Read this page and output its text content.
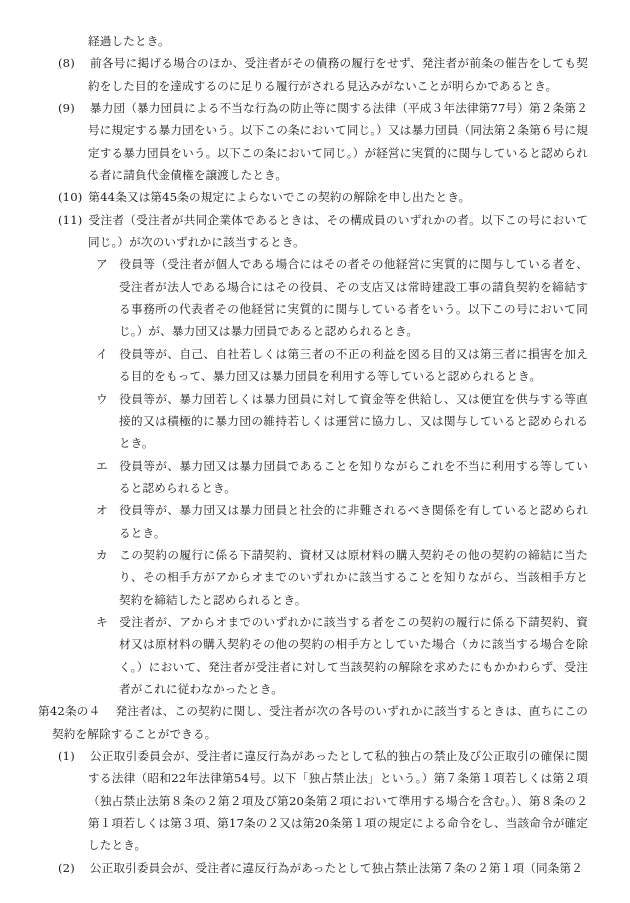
経過したとき。

(8) 前各号に掲げる場合のほか、受注者がその債務の履行をせず、発注者が前条の催告をしても契約をした目的を達成するのに足りる履行がされる見込みがないことが明らかであるとき。

(9) 暴力団（暴力団員による不当な行為の防止等に関する法律（平成３年法律第77号）第２条第２号に規定する暴力団をいう。以下この条において同じ。）又は暴力団員（同法第２条第６号に規定する暴力団員をいう。以下この条において同じ。）が経営に実質的に関与していると認められる者に請負代金債権を譲渡したとき。

(10) 第44条又は第45条の規定によらないでこの契約の解除を申し出たとき。

(11) 受注者（受注者が共同企業体であるときは、その構成員のいずれかの者。以下この号において同じ。）が次のいずれかに該当するとき。

ア 役員等（受注者が個人である場合にはその者その他経営に実質的に関与している者を、受注者が法人である場合にはその役員、その支店又は常時建設工事の請負契約を締結する事務所の代表者その他経営に実質的に関与している者をいう。以下この号において同じ。）が、暴力団又は暴力団員であると認められるとき。

イ 役員等が、自己、自社若しくは第三者の不正の利益を図る目的又は第三者に損害を加える目的をもって、暴力団又は暴力団員を利用する等していると認められるとき。

ウ 役員等が、暴力団若しくは暴力団員に対して資金等を供給し、又は便宜を供与する等直接的又は積極的に暴力団の維持若しくは運営に協力し、又は関与していると認められるとき。

エ 役員等が、暴力団又は暴力団員であることを知りながらこれを不当に利用する等していると認められるとき。

オ 役員等が、暴力団又は暴力団員と社会的に非難されるべき関係を有していると認められるとき。

カ この契約の履行に係る下請契約、資材又は原材料の購入契約その他の契約の締結に当たり、その相手方がアからオまでのいずれかに該当することを知りながら、当該相手方と契約を締結したと認められるとき。

キ 受注者が、アからオまでのいずれかに該当する者をこの契約の履行に係る下請契約、資材又は原材料の購入契約その他の契約の相手方としていた場合（カに該当する場合を除く。）において、発注者が受注者に対して当該契約の解除を求めたにもかかわらず、受注者がこれに従わなかったとき。

第42条の４ 発注者は、この契約に関し、受注者が次の各号のいずれかに該当するときは、直ちにこの契約を解除することができる。

(1) 公正取引委員会が、受注者に違反行為があったとして私的独占の禁止及び公正取引の確保に関する法律（昭和22年法律第54号。以下「独占禁止法」という。）第７条第１項若しくは第２項（独占禁止法第８条の２第２項及び第20条第２項において準用する場合を含む。）、第８条の２第１項若しくは第３項、第17条の２又は第20条第１項の規定による命令をし、当該命令が確定したとき。

(2) 公正取引委員会が、受注者に違反行為があったとして独占禁止法第７条の２第１項（同条第２
